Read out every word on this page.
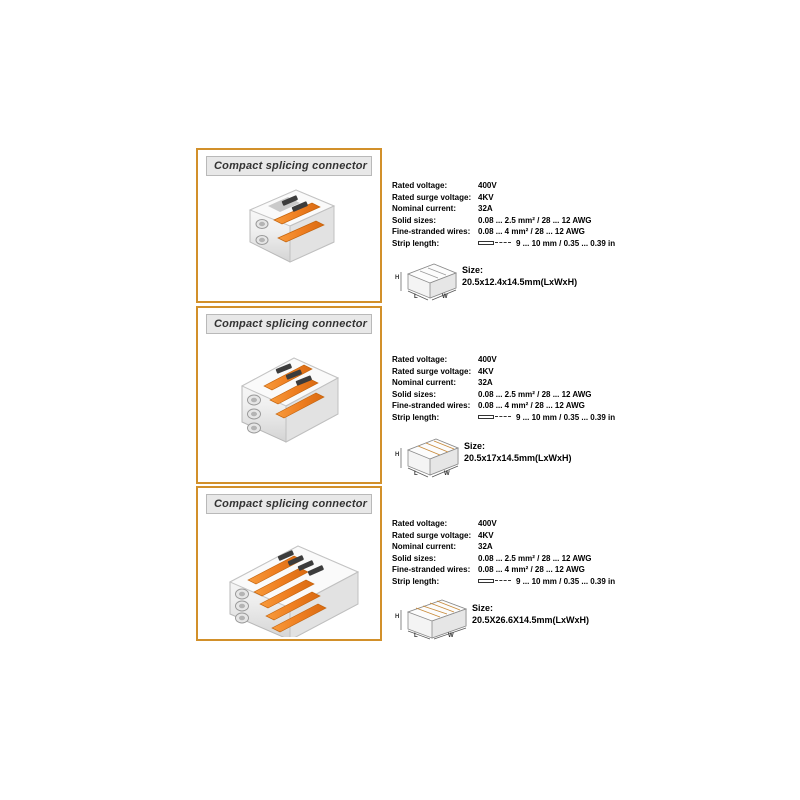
Compact splicing connector
Rated voltage:	400V
Rated surge voltage: 4KV
Nominal current:	32A
Solid sizes:	0.08 ... 2.5 mm² / 28 ... 12 AWG
Fine-stranded wires: 0.08 ... 4 mm² / 28 ... 12 AWG
Strip length:	9 ... 10 mm / 0.35 ... 0.39 in
H
L	W
Size:
20.5x12.4x14.5mm(LxWxH)
Compact splicing connector
Rated voltage:	400V
Rated surge voltage: 4KV
Nominal current:	32A
Solid sizes:	0.08 ... 2.5 mm² / 28 ... 12 AWG
Fine-stranded wires: 0.08 ... 4 mm² / 28 ... 12 AWG
Strip length:	9 ... 10 mm / 0.35 ... 0.39 in
H
L	W
Size:
20.5x17x14.5mm(LxWxH)
Compact splicing connector
Rated voltage:	400V
Rated surge voltage: 4KV
Nominal current:	32A
Solid sizes:	0.08 ... 2.5 mm² / 28 ... 12 AWG
Fine-stranded wires: 0.08 ... 4 mm² / 28 ... 12 AWG
Strip length:	9 ... 10 mm / 0.35 ... 0.39 in
H
L	W
Size:
20.5X26.6X14.5mm(LxWxH)
